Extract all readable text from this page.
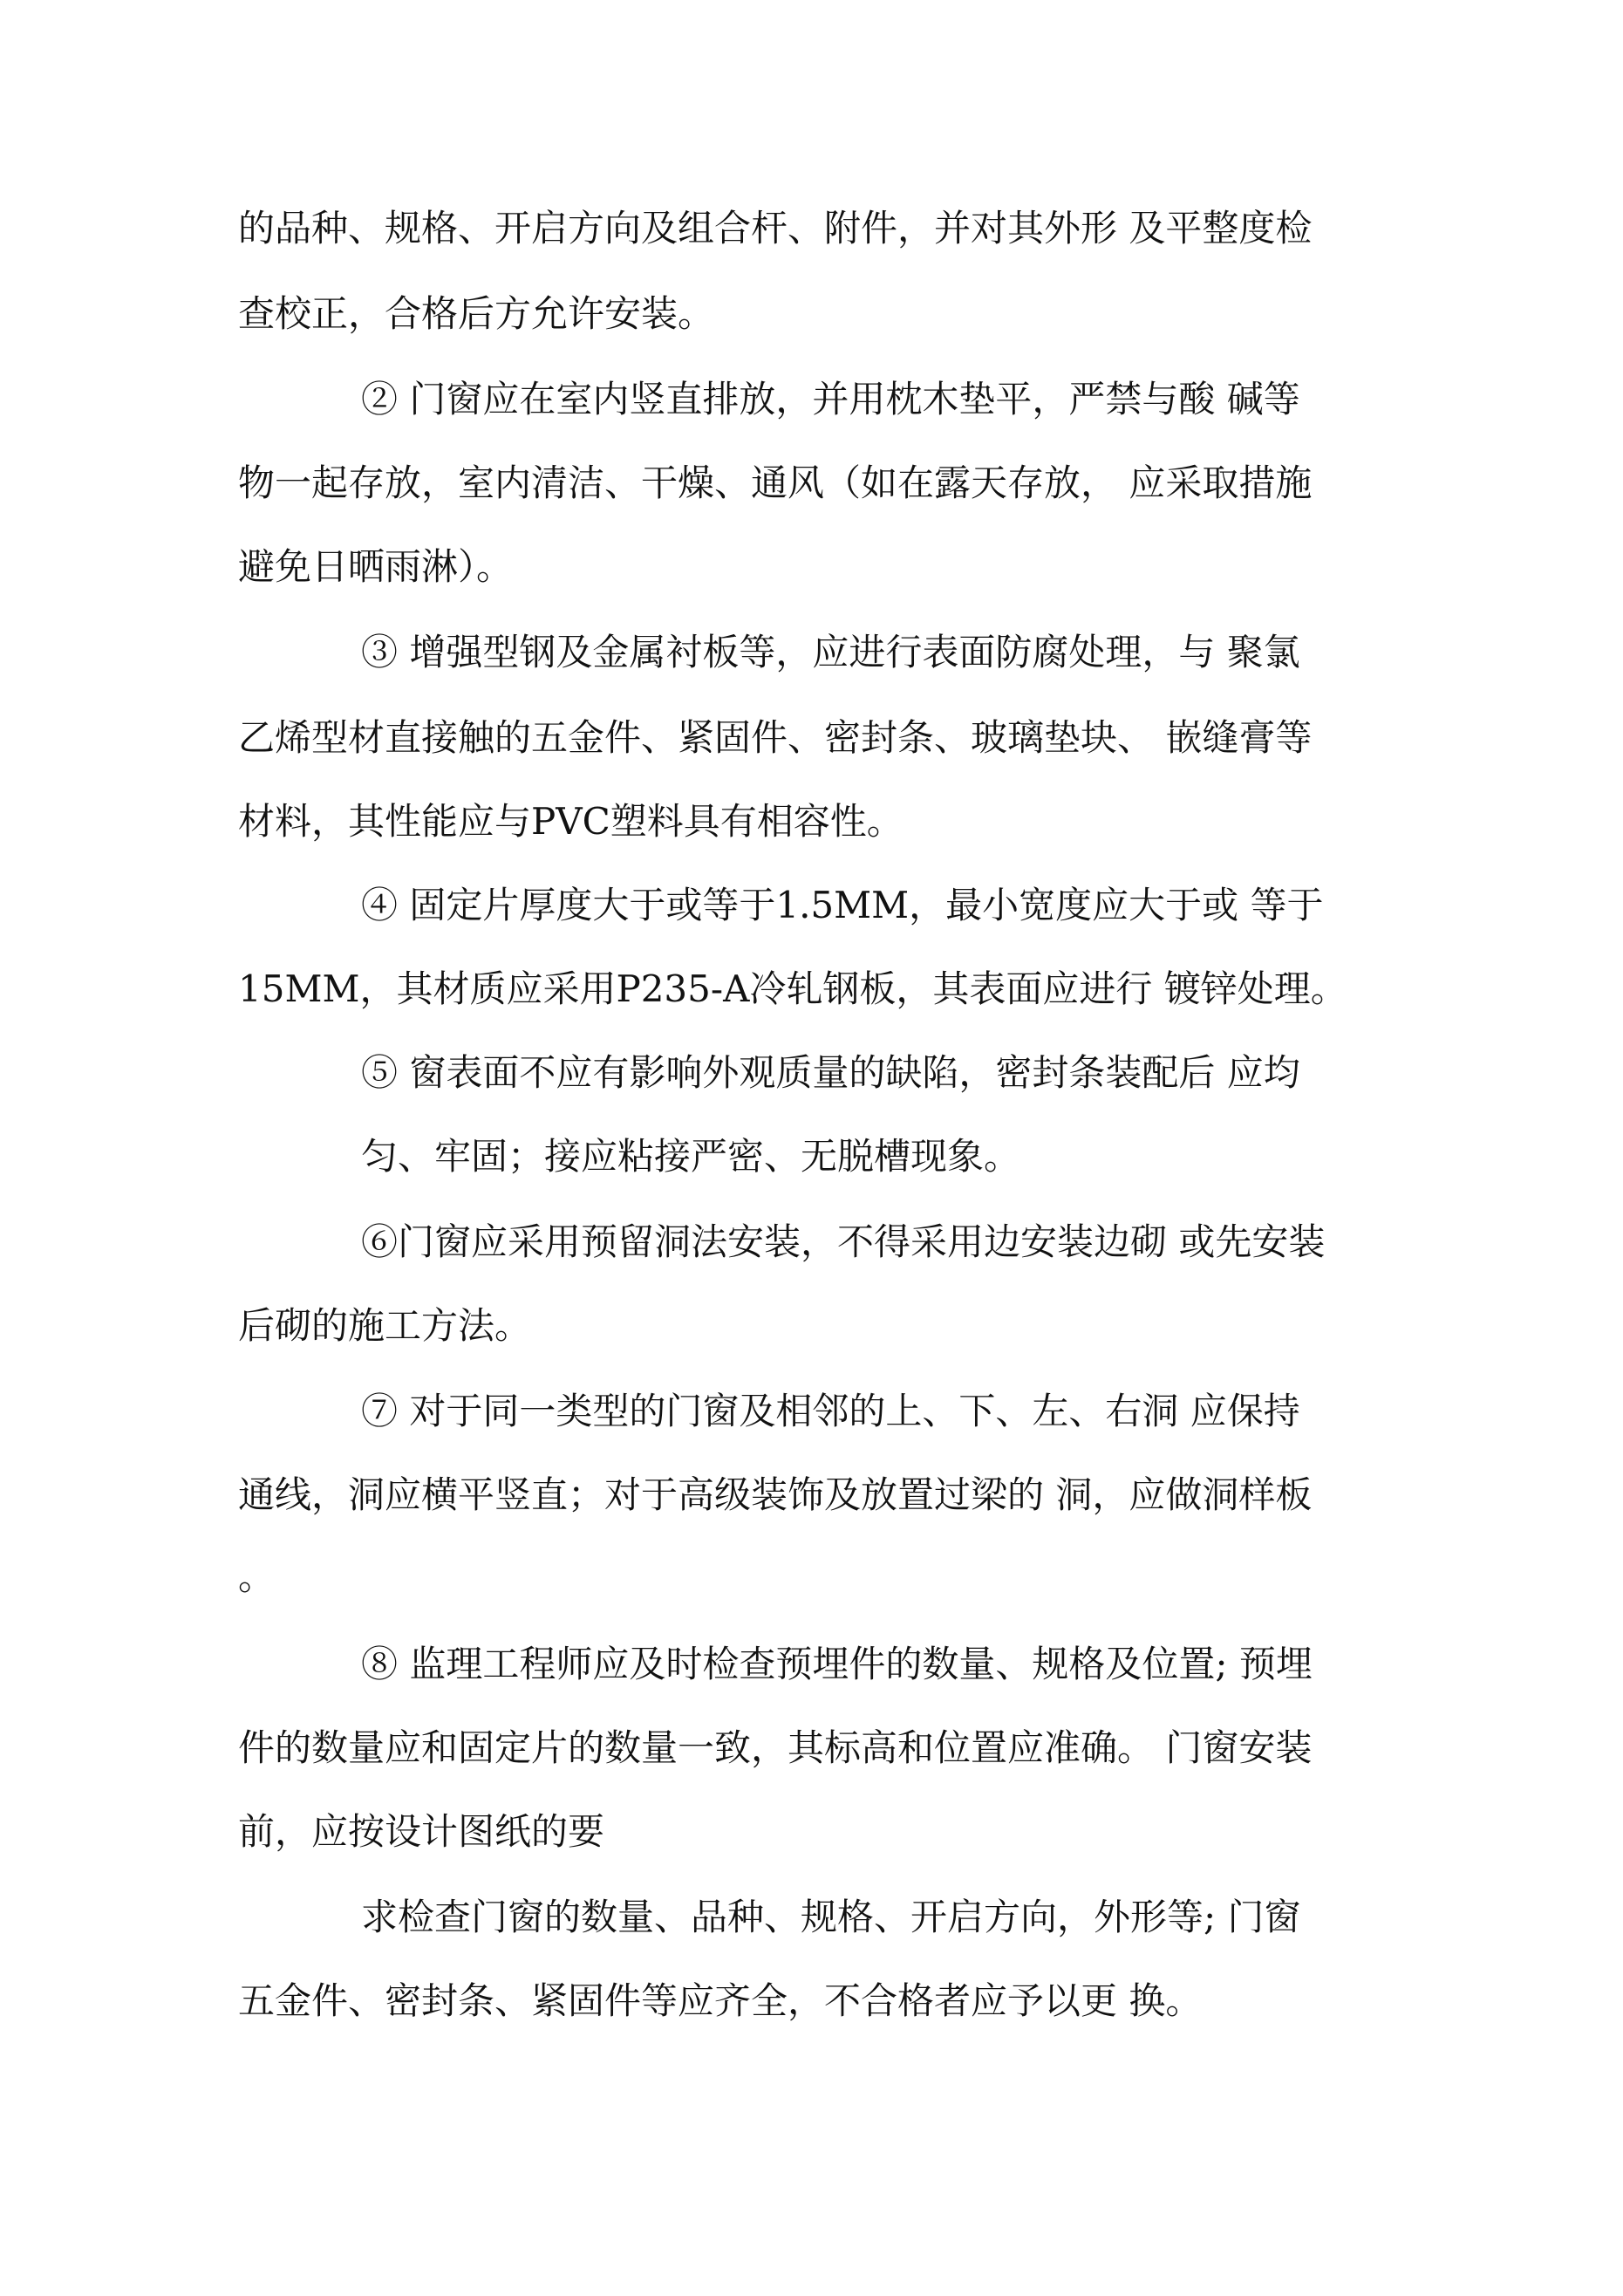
的品种、规格、开启方向及组合杆、附件，并对其外形 及平整度检
查校正，合格后方允许安装。
② 门窗应在室内竖直排放，并用枕木垫平，严禁与酸 碱等
物一起存放，室内清洁、干燥、通风（如在露天存放， 应采取措施
避免日晒雨淋）。
③ 增强型钢及金属衬板等，应进行表面防腐处理，与 聚氯
乙烯型材直接触的五金件、紧固件、密封条、玻璃垫块、 嵌缝膏等
材料，其性能应与PVC塑料具有相容性。
④ 固定片厚度大于或等于1.5MM，最小宽度应大于或 等于
15MM，其材质应采用P235-A冷轧钢板，其表面应进行 镀锌处理。
⑤ 窗表面不应有影响外观质量的缺陷，密封条装配后 应均
匀、牢固；接应粘接严密、无脱槽现象。
⑥门窗应采用预留洞法安装，不得采用边安装边砌 或先安装
后砌的施工方法。
⑦ 对于同一类型的门窗及相邻的上、下、左、右洞 应保持
通线，洞应横平竖直；对于高级装饰及放置过梁的 洞，应做洞样板
。
⑧ 监理工程师应及时检查预埋件的数量、规格及位置; 预埋
件的数量应和固定片的数量一致，其标高和位置应准确。 门窗安装
前，应按设计图纸的要
求检查门窗的数量、品种、规格、开启方向，外形等; 门窗
五金件、密封条、紧固件等应齐全，不合格者应予以更 换。
